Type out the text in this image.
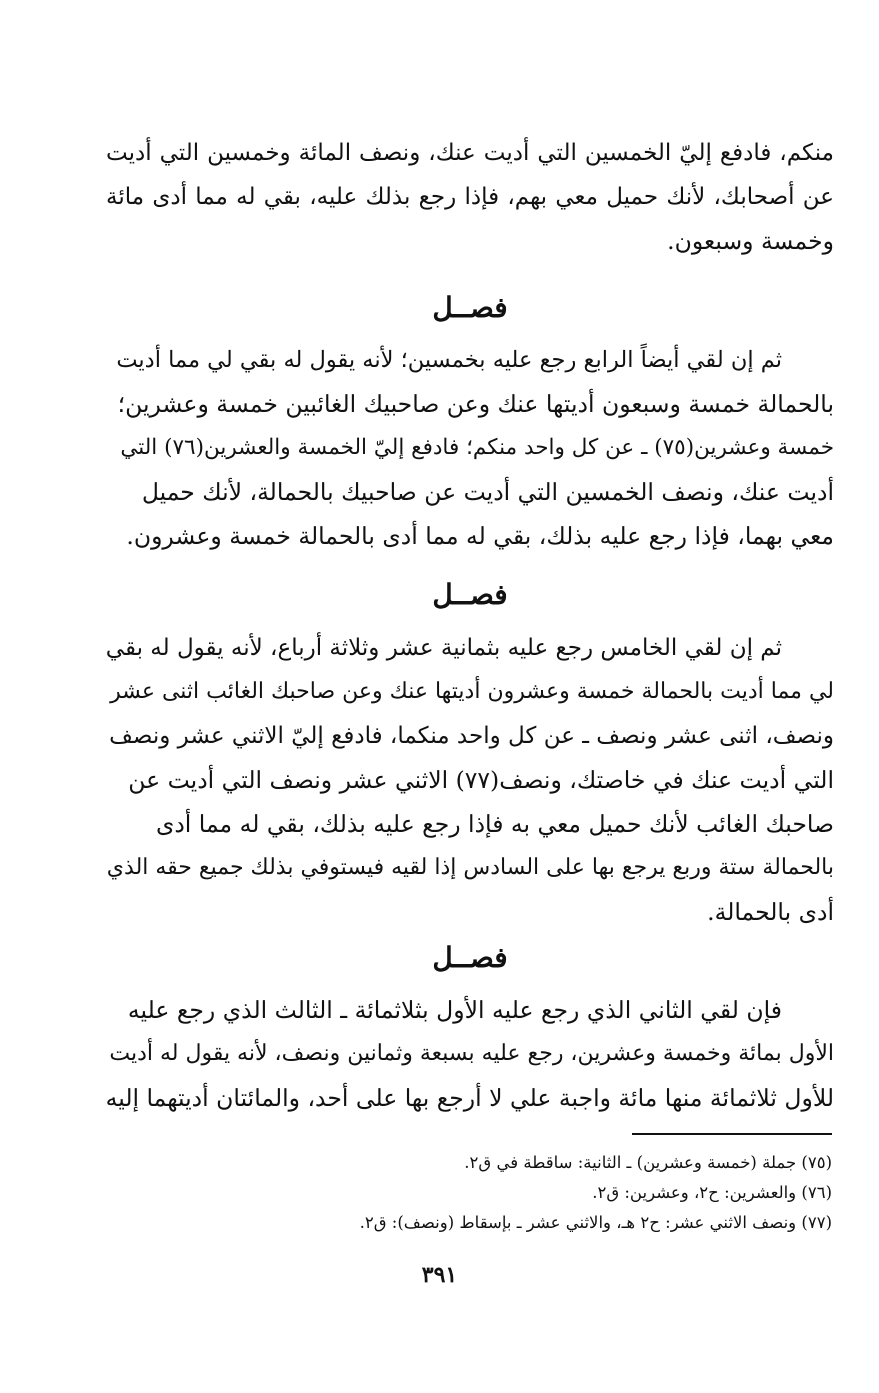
منكم، فادفع إليّ الخمسين التي أديت عنك، ونصف المائة وخمسين التي أديت
عن أصحابك، لأنك حميل معي بهم، فإذا رجع بذلك عليه، بقي له مما أدى مائة
وخمسة وسبعون.
فصــل
ثم إن لقي أيضاً الرابع رجع عليه بخمسين؛ لأنه يقول له بقي لي مما أديت
بالحمالة خمسة وسبعون أديتها عنك وعن صاحبيك الغائبين خمسة وعشرين؛
خمسة وعشرين(٧٥) ـ عن كل واحد منكم؛ فادفع إليّ الخمسة والعشرين(٧٦) التي
أديت عنك، ونصف الخمسين التي أديت عن صاحبيك بالحمالة، لأنك حميل
معي بهما، فإذا رجع عليه بذلك، بقي له مما أدى بالحمالة خمسة وعشرون.
فصــل
ثم إن لقي الخامس رجع عليه بثمانية عشر وثلاثة أرباع، لأنه يقول له بقي
لي مما أديت بالحمالة خمسة وعشرون أديتها عنك وعن صاحبك الغائب اثنى عشر
ونصف، اثنى عشر ونصف ـ عن كل واحد منكما، فادفع إليّ الاثني عشر ونصف
التي أديت عنك في خاصتك، ونصف(٧٧) الاثني عشر ونصف التي أديت عن
صاحبك الغائب لأنك حميل معي به فإذا رجع عليه بذلك، بقي له مما أدى
بالحمالة ستة وربع يرجع بها على السادس إذا لقيه فيستوفي بذلك جميع حقه الذي
أدى بالحمالة.
فصــل
فإن لقي الثاني الذي رجع عليه الأول بثلاثمائة ـ الثالث الذي رجع عليه
الأول بمائة وخمسة وعشرين، رجع عليه بسبعة وثمانين ونصف، لأنه يقول له أديت
للأول ثلاثمائة منها مائة واجبة علي لا أرجع بها على أحد، والمائتان أديتهما إليه
(٧٥) جملة (خمسة وعشرين) ـ الثانية: ساقطة في ق٢.
(٧٦) والعشرين: ح٢، وعشرين: ق٢.
(٧٧) ونصف الاثني عشر: ح٢ هـ، والاثني عشر ـ بإسقاط (ونصف): ق٢.
٣٩١
